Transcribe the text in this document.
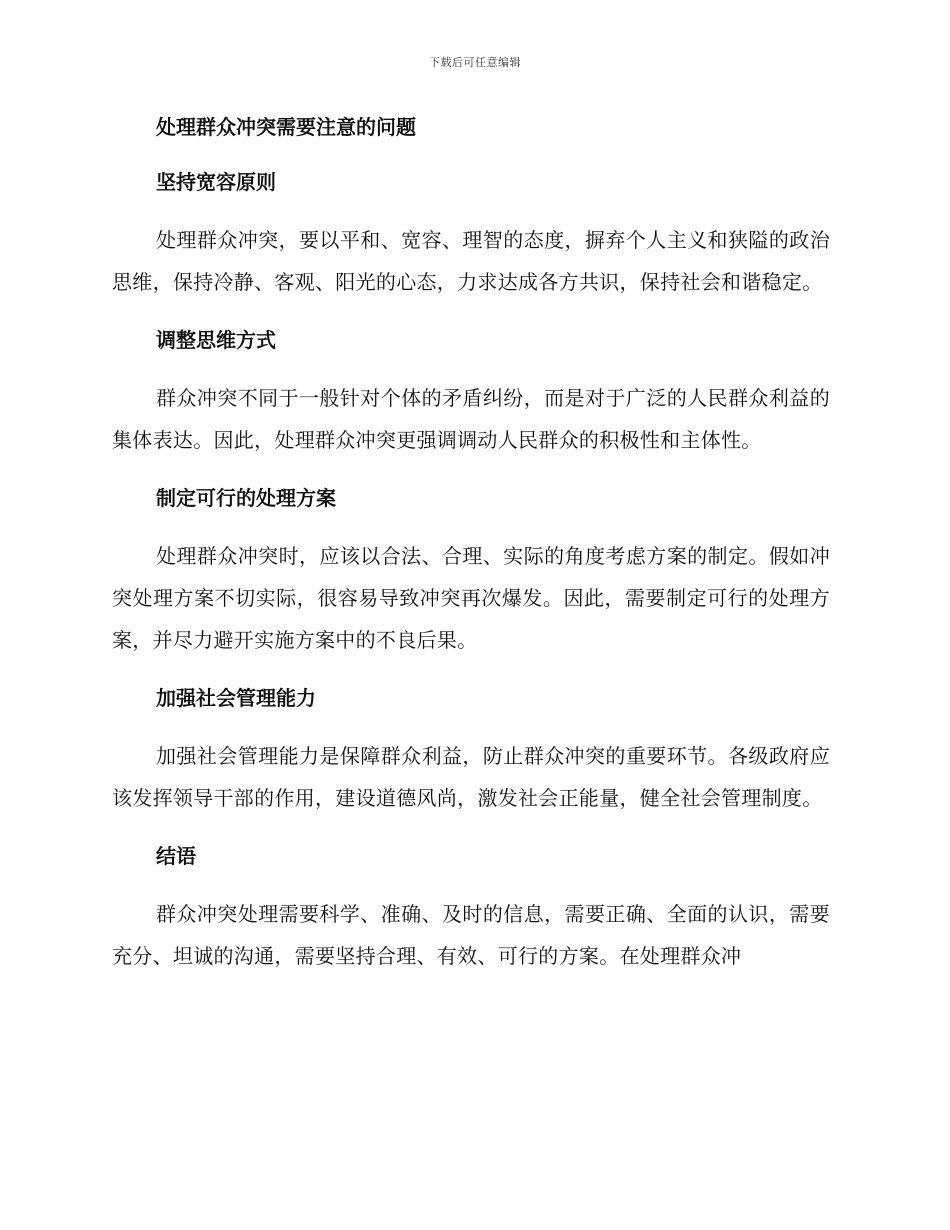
下载后可任意编辑
处理群众冲突需要注意的问题
坚持宽容原则

处理群众冲突，要以平和、宽容、理智的态度，摒弃个人主义和狭隘的政治思维，保持冷静、客观、阳光的心态，力求达成各方共识，保持社会和谐稳定。

调整思维方式

群众冲突不同于一般针对个体的矛盾纠纷，而是对于广泛的人民群众利益的集体表达。因此，处理群众冲突更强调调动人民群众的积极性和主体性。

制定可行的处理方案

处理群众冲突时，应该以合法、合理、实际的角度考虑方案的制定。假如冲突处理方案不切实际，很容易导致冲突再次爆发。因此，需要制定可行的处理方案，并尽力避开实施方案中的不良后果。

加强社会管理能力

加强社会管理能力是保障群众利益，防止群众冲突的重要环节。各级政府应该发挥领导干部的作用，建设道德风尚，激发社会正能量，健全社会管理制度。

结语

群众冲突处理需要科学、准确、及时的信息，需要正确、全面的认识，需要充分、坦诚的沟通，需要坚持合理、有效、可行的方案。在处理群众冲
